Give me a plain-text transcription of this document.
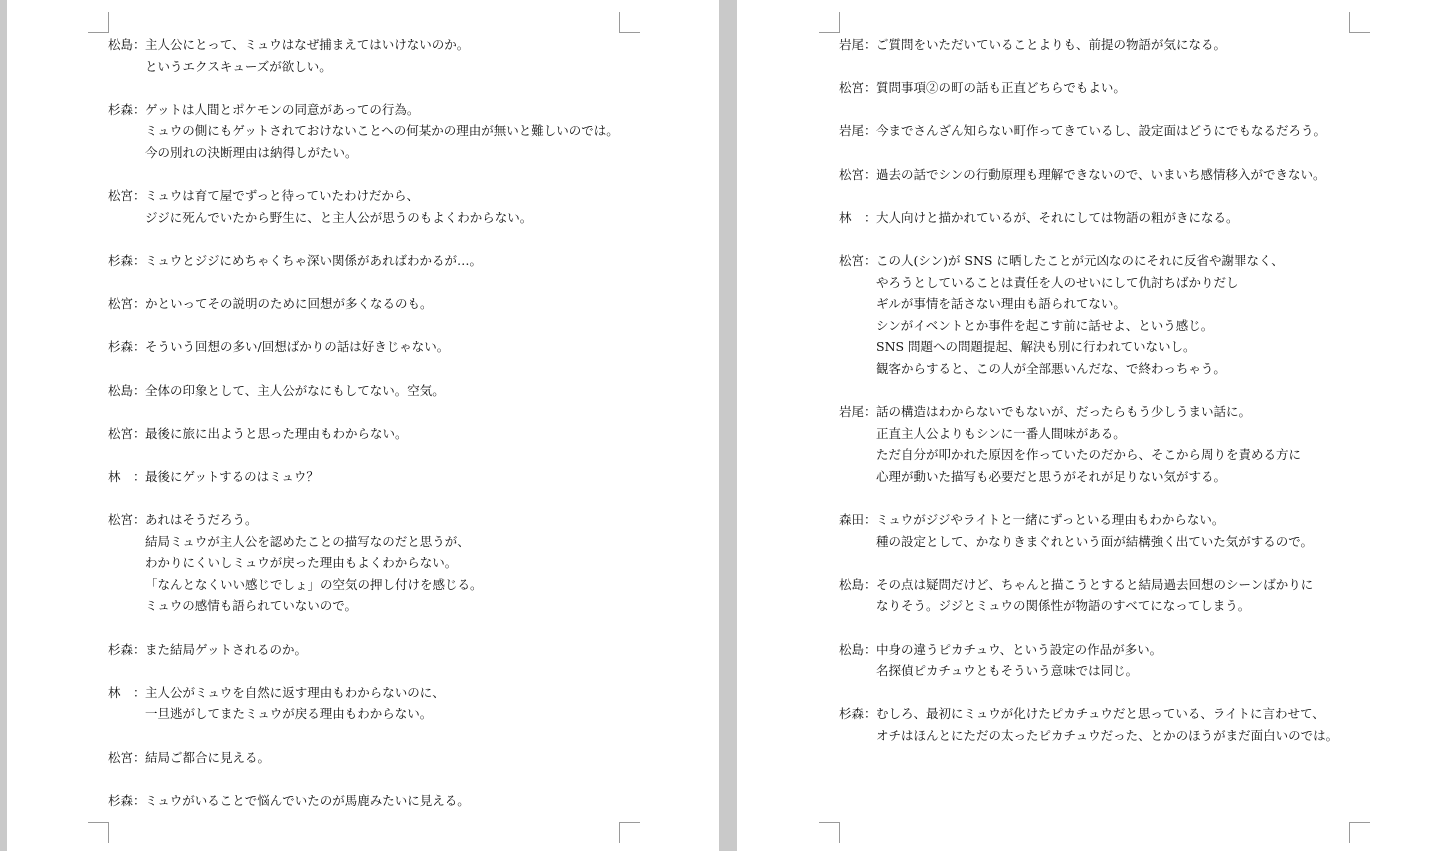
松島： 主人公にとって、ミュウはなぜ捕まえてはいけないのか。
というエクスキューズが欲しい。
杉森： ゲットは人間とポケモンの同意があっての行為。
ミュウの側にもゲットされておけないことへの何某かの理由が無いと難しいのでは。
今の別れの決断理由は納得しがたい。
松宮： ミュウは育て屋でずっと待っていたわけだから、
ジジに死んでいたから野生に、と主人公が思うのもよくわからない。
杉森： ミュウとジジにめちゃくちゃ深い関係があればわかるが…。
松宮： かといってその説明のために回想が多くなるのも。
杉森： そういう回想の多い/回想ばかりの話は好きじゃない。
松島： 全体の印象として、主人公がなにもしてない。空気。
松宮： 最後に旅に出ようと思った理由もわからない。
林　： 最後にゲットするのはミュウ？
松宮： あれはそうだろう。
結局ミュウが主人公を認めたことの描写なのだと思うが、
わかりにくいしミュウが戻った理由もよくわからない。
「なんとなくいい感じでしょ」の空気の押し付けを感じる。
ミュウの感情も語られていないので。
杉森： また結局ゲットされるのか。
林　： 主人公がミュウを自然に返す理由もわからないのに、
一旦逃がしてまたミュウが戻る理由もわからない。
松宮： 結局ご都合に見える。
杉森： ミュウがいることで悩んでいたのが馬鹿みたいに見える。
岩尾： ご質問をいただいていることよりも、前提の物語が気になる。
松宮： 質問事項②の町の話も正直どちらでもよい。
岩尾： 今までさんざん知らない町作ってきているし、設定面はどうにでもなるだろう。
松宮： 過去の話でシンの行動原理も理解できないので、いまいち感情移入ができない。
林　： 大人向けと描かれているが、それにしては物語の粗がきになる。
松宮： この人(シン)が SNS に晒したことが元凶なのにそれに反省や謝罪なく、
やろうとしていることは責任を人のせいにして仇討ちばかりだし
ギルが事情を話さない理由も語られてない。
シンがイベントとか事件を起こす前に話せよ、という感じ。
SNS 問題への問題提起、解決も別に行われていないし。
観客からすると、この人が全部悪いんだな、で終わっちゃう。
岩尾： 話の構造はわからないでもないが、だったらもう少しうまい話に。
正直主人公よりもシンに一番人間味がある。
ただ自分が叩かれた原因を作っていたのだから、そこから周りを責める方に
心理が動いた描写も必要だと思うがそれが足りない気がする。
森田： ミュウがジジやライトと一緒にずっといる理由もわからない。
種の設定として、かなりきまぐれという面が結構強く出ていた気がするので。
松島： その点は疑問だけど、ちゃんと描こうとすると結局過去回想のシーンばかりに
なりそう。ジジとミュウの関係性が物語のすべてになってしまう。
松島： 中身の違うピカチュウ、という設定の作品が多い。
名探偵ピカチュウともそういう意味では同じ。
杉森： むしろ、最初にミュウが化けたピカチュウだと思っている、ライトに言わせて、
オチはほんとにただの太ったピカチュウだった、とかのほうがまだ面白いのでは。
